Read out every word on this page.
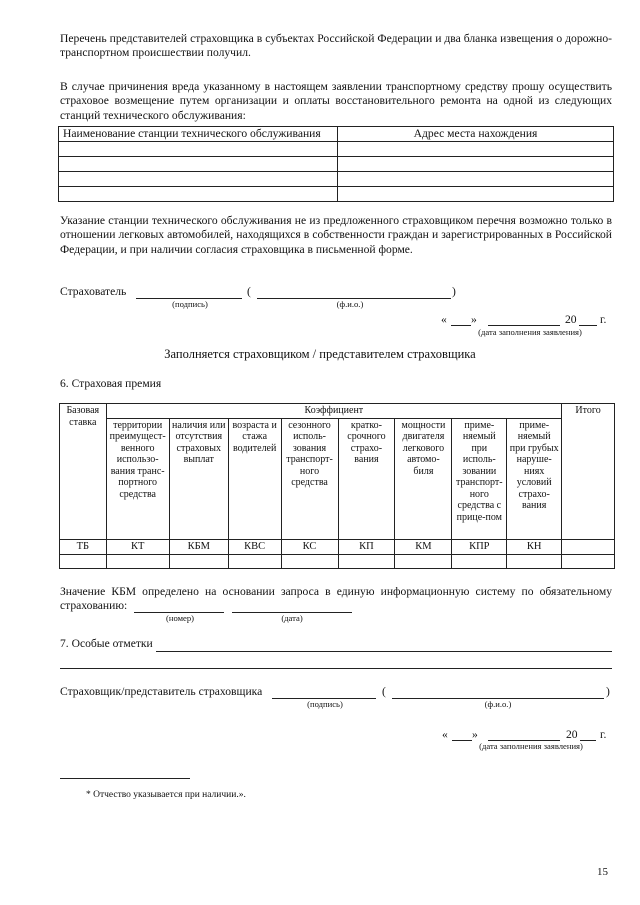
Перечень представителей страховщика в субъектах Российской Федерации и два бланка извещения о дорожно-транспортном происшествии получил.

В случае причинения вреда указанному в настоящем заявлении транспортному средству прошу осуществить страховое возмещение путем организации и оплаты восстановительного ремонта на одной из следующих станций технического обслуживания:

Наименование станции технического обслуживания	Адрес места нахождения

Указание станции технического обслуживания не из предложенного страховщиком перечня возможно только в отношении легковых автомобилей, находящихся в собственности граждан и зарегистрированных в Российской Федерации, и при наличии согласия страховщика в письменной форме.

Страхователь	(	)
(подпись)	(ф.и.о.)
« »	20 г.
(дата заполнения заявления)
Заполняется страховщиком / представителем страховщика
6. Страховая премия
Базовая ставка	Коэффициент								Итого
	территории преимущест-венного использо-вания транс-портного средства	наличия или отсутствия страховых выплат	возраста и стажа водителей	сезонного исполь-зования транспорт-ного средства	кратко-срочного страхо-вания	мощности двигателя легкового автомо-биля	приме-няемый при исполь-зовании транспорт-ного средства с прице-пом	приме-няемый при грубых наруше-ниях условий страхо-вания	
ТБ	КТ	КБМ	КВС	КС	КП	КМ	КПР	КН	

Значение КБМ определено на основании запроса в единую информационную систему по обязательному страхованию:

(номер)	(дата)
7. Особые отметки
Страховщик/представитель страховщика	(	)
(подпись)	(ф.и.о.)
« »	20 г.
(дата заполнения заявления)
* Отчество указывается при наличии.».
15
